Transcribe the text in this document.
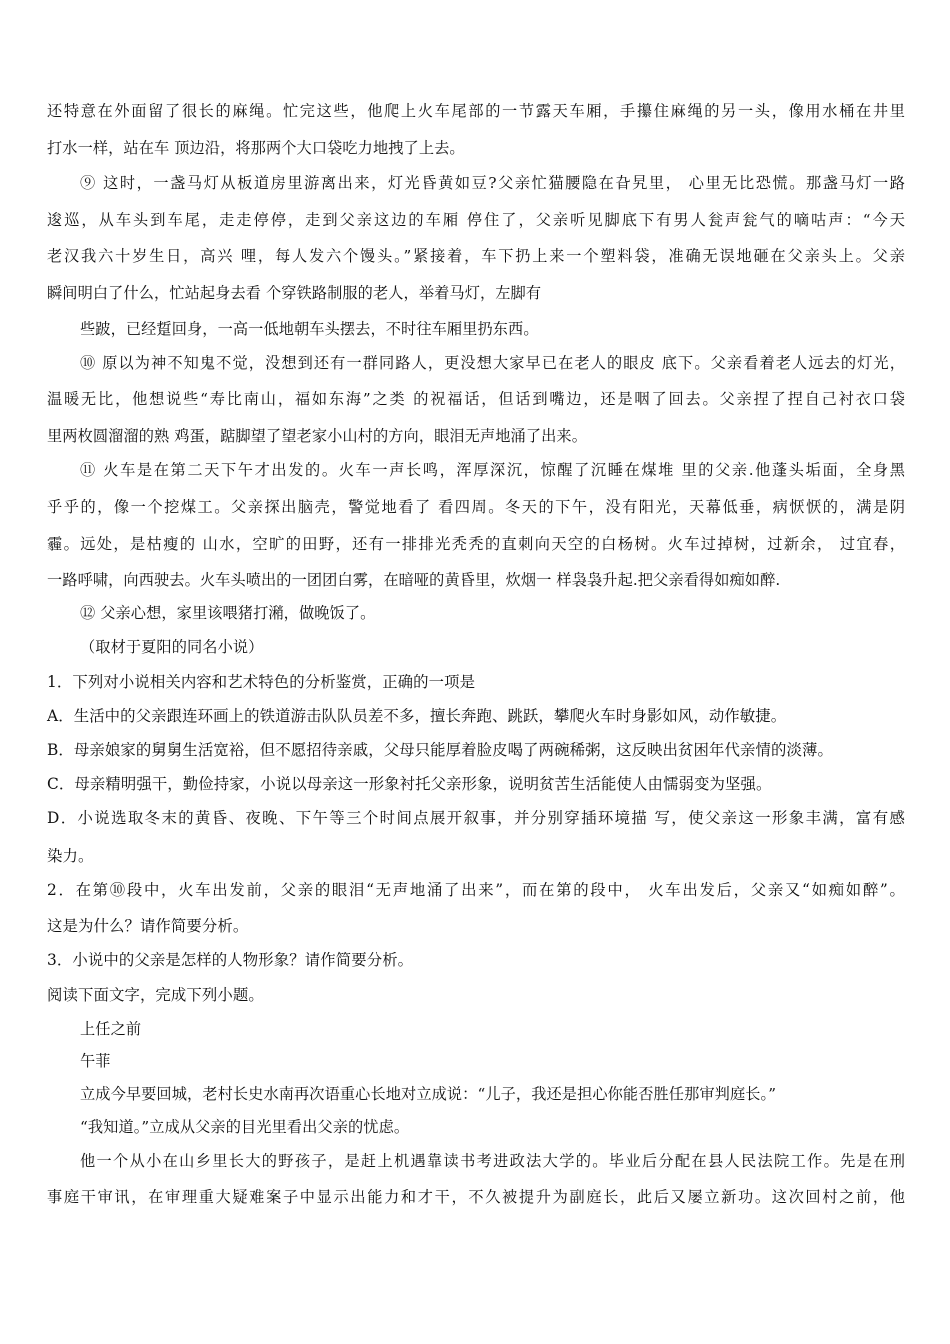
还特意在外面留了很长的麻绳。忙完这些，他爬上火车尾部的一节露天车厢，手攥住麻绳的另一头，像用水桶在井里
打水一样，站在车 顶边沿，将那两个大口袋吃力地拽了上去。
⑨ 这时，一盏马灯从板道房里游离出来，灯光昏黄如豆?父亲忙猫腰隐在旮旯里， 心里无比恐慌。那盏马灯一路
逡巡，从车头到车尾，走走停停，走到父亲这边的车厢 停住了，父亲听见脚底下有男人瓮声瓮气的嘀咕声：“今天
老汉我六十岁生日，高兴 哩，每人发六个馒头。”紧接着，车下扔上来一个塑料袋，准确无误地砸在父亲头上。父亲
瞬间明白了什么，忙站起身去看 个穿铁路制服的老人，举着马灯，左脚有
些跛，已经踅回身，一高一低地朝车头摆去，不时往车厢里扔东西。
⑩ 原以为神不知鬼不觉，没想到还有一群同路人，更没想大家早已在老人的眼皮 底下。父亲看着老人远去的灯光，
温暖无比，他想说些“寿比南山，福如东海”之类 的祝福话，但话到嘴边，还是咽了回去。父亲捏了捏自己衬衣口袋
里两枚圆溜溜的熟 鸡蛋，踮脚望了望老家小山村的方向，眼泪无声地涌了出来。
⑪ 火车是在第二天下午才出发的。火车一声长鸣，浑厚深沉，惊醒了沉睡在煤堆 里的父亲.他蓬头垢面，全身黑
乎乎的，像一个挖煤工。父亲探出脑壳，警觉地看了 看四周。冬天的下午，没有阳光，天幕低垂，病恹恹的，满是阴
霾。远处，是枯瘦的 山水，空旷的田野，还有一排排光秃秃的直刺向天空的白杨树。火车过掉树，过新余， 过宜春，
一路呼啸，向西驶去。火车头喷出的一团团白雾，在暗哑的黄昏里，炊烟一 样袅袅升起.把父亲看得如痴如醉.
⑫ 父亲心想，家里该喂猪打潲，做晚饭了。
（取材于夏阳的同名小说）
1．下列对小说相关内容和艺术特色的分析鉴赏，正确的一项是
A．生活中的父亲跟连环画上的铁道游击队队员差不多，擅长奔跑、跳跃，攀爬火车时身影如风，动作敏捷。
B．母亲娘家的舅舅生活宽裕，但不愿招待亲戚，父母只能厚着脸皮喝了两碗稀粥，这反映出贫困年代亲情的淡薄。
C．母亲精明强干，勤俭持家，小说以母亲这一形象衬托父亲形象，说明贫苦生活能使人由懦弱变为坚强。
D．小说选取冬末的黄昏、夜晚、下午等三个时间点展开叙事，并分别穿插环境描 写，使父亲这一形象丰满，富有感
染力。
2．在第⑩段中，火车出发前，父亲的眼泪“无声地涌了出来”，而在第的段中， 火车出发后，父亲又“如痴如醉”。
这是为什么？请作简要分析。
3．小说中的父亲是怎样的人物形象？请作简要分析。
阅读下面文字，完成下列小题。
上任之前
午菲
立成今早要回城，老村长史水南再次语重心长地对立成说：“儿子，我还是担心你能否胜任那审判庭长。”
“我知道。”立成从父亲的目光里看出父亲的忧虑。
他一个从小在山乡里长大的野孩子，是赶上机遇靠读书考进政法大学的。毕业后分配在县人民法院工作。先是在刑
事庭干审讯，在审理重大疑难案子中显示出能力和才干，不久被提升为副庭长，此后又屡立新功。这次回村之前，他
